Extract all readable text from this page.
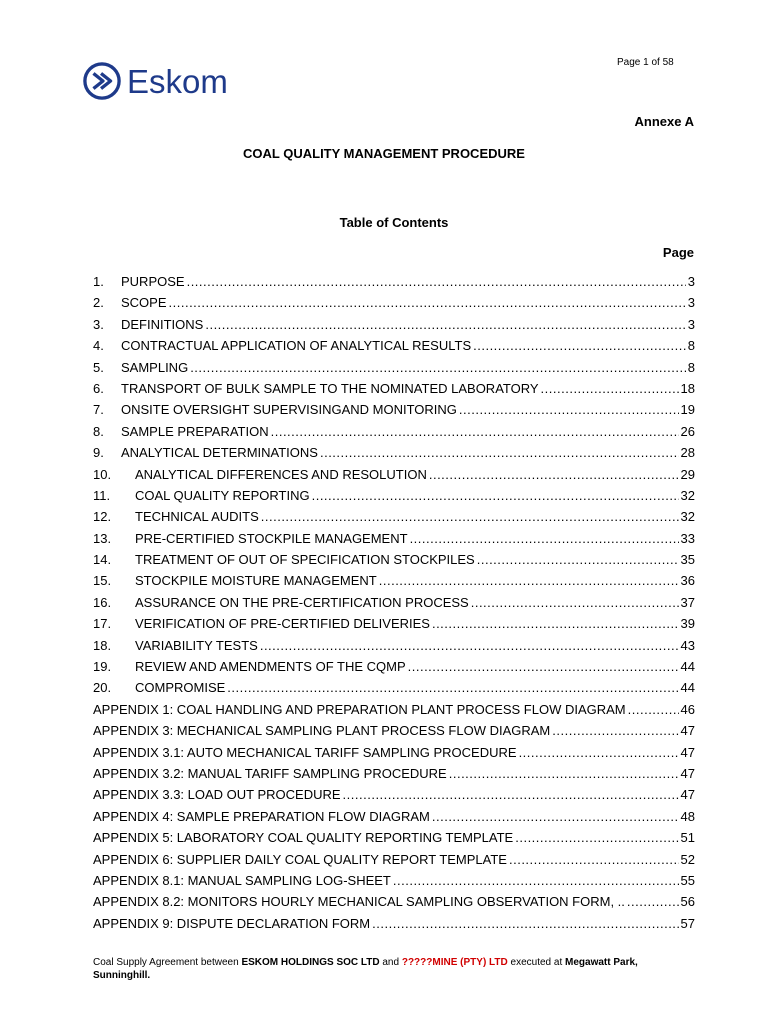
Page 1 of 58
Eskom
Annexe A
COAL QUALITY MANAGEMENT PROCEDURE
Table of Contents
Page
1.	PURPOSE .....	3
2.	SCOPE .....	3
3.	DEFINITIONS .....	3
4.	CONTRACTUAL APPLICATION OF ANALYTICAL RESULTS .....	8
5.	SAMPLING .....	8
6.	TRANSPORT OF BULK SAMPLE TO THE NOMINATED LABORATORY .....	18
7.	ONSITE OVERSIGHT SUPERVISINGAND MONITORING .....	19
8.	SAMPLE PREPARATION .....	26
9.	ANALYTICAL DETERMINATIONS .....	28
10.	ANALYTICAL DIFFERENCES AND RESOLUTION .....	29
11.	COAL QUALITY REPORTING .....	32
12.	TECHNICAL AUDITS .....	32
13.	PRE-CERTIFIED STOCKPILE MANAGEMENT .....	33
14.	TREATMENT OF OUT OF SPECIFICATION STOCKPILES .....	35
15.	STOCKPILE MOISTURE MANAGEMENT .....	36
16.	ASSURANCE ON THE PRE-CERTIFICATION PROCESS .....	37
17.	VERIFICATION OF PRE-CERTIFIED DELIVERIES .....	39
18.	VARIABILITY TESTS .....	43
19.	REVIEW AND AMENDMENTS OF THE CQMP .....	44
20.	COMPROMISE .....	44
APPENDIX 1: COAL HANDLING AND PREPARATION PLANT PROCESS FLOW DIAGRAM .....	46
APPENDIX 3: MECHANICAL SAMPLING PLANT PROCESS FLOW DIAGRAM .....	47
APPENDIX 3.1: AUTO MECHANICAL TARIFF SAMPLING PROCEDURE .....	47
APPENDIX 3.2: MANUAL TARIFF SAMPLING PROCEDURE .....	47
APPENDIX 3.3: LOAD OUT PROCEDURE .....	47
APPENDIX 4: SAMPLE PREPARATION FLOW DIAGRAM .....	48
APPENDIX 5: LABORATORY COAL QUALITY REPORTING TEMPLATE .....	51
APPENDIX 6: SUPPLIER DAILY COAL QUALITY REPORT TEMPLATE .....	52
APPENDIX 8.1: MANUAL SAMPLING LOG-SHEET .....	55
APPENDIX 8.2: MONITORS HOURLY MECHANICAL SAMPLING OBSERVATION FORM, .. .....	56
APPENDIX 9: DISPUTE DECLARATION FORM .....	57
Coal Supply Agreement between ESKOM HOLDINGS SOC LTD and ?????MINE (PTY) LTD executed at Megawatt Park, Sunninghill.
